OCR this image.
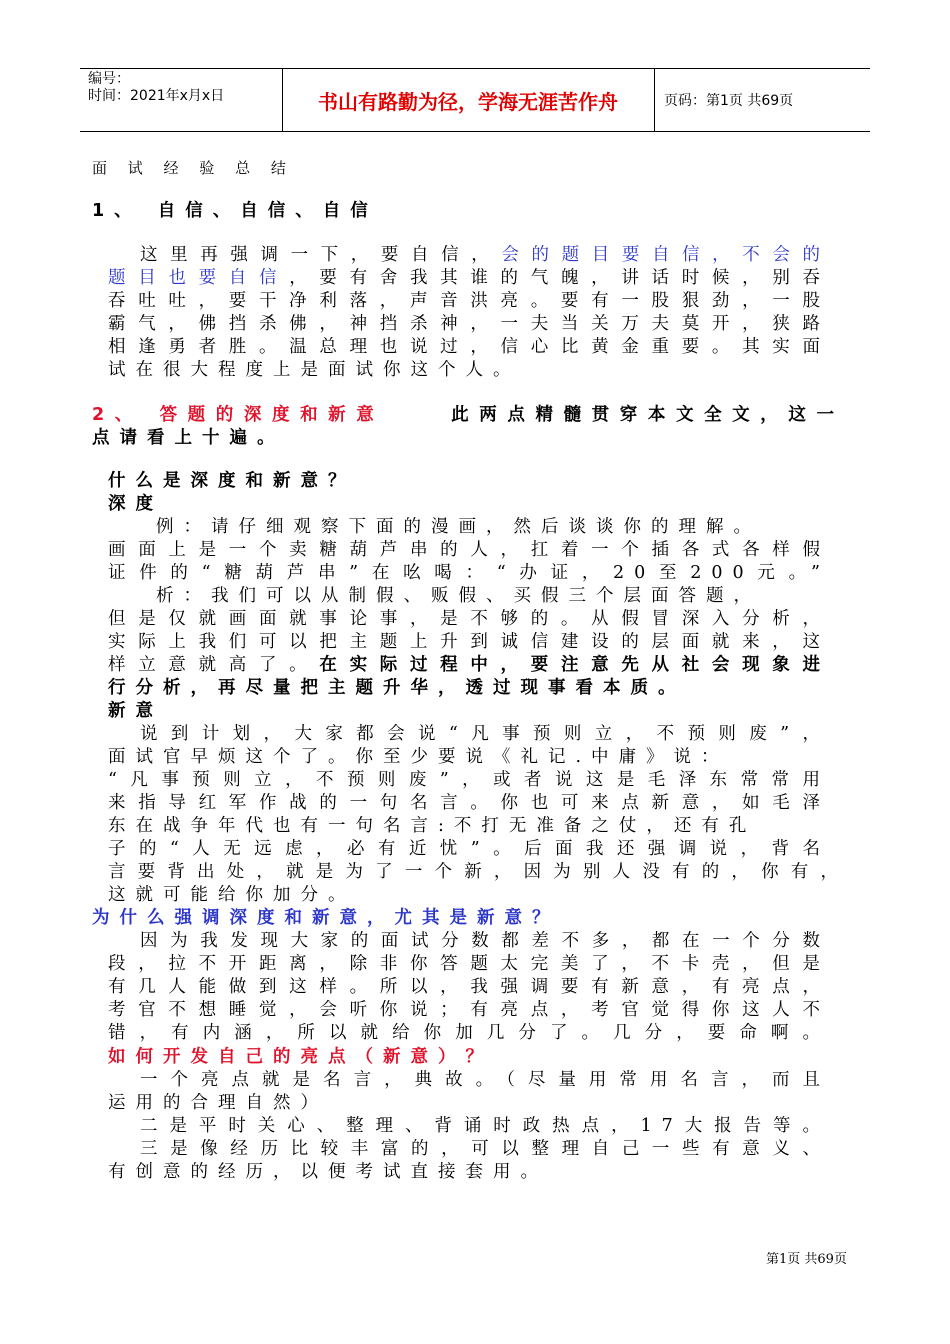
编号：
时间：2021年x月x日	书山有路勤为径，学海无涯苦作舟	页码：第1页 共69页
面 试 经 验 总 结
1、 自信、自信、自信
这里再强调一下，要自信，会的题目要自信，不会的
题目也要自信，要有舍我其谁的气魄，讲话时候，别吞
吞吐吐，要干净利落，声音洪亮。要有一股狠劲，一股
霸气，佛挡杀佛，神挡杀神，一夫当关万夫莫开，狭路
相逢勇者胜。温总理也说过，信心比黄金重要。其实面
试在很大程度上是面试你这个人。
2、 答题的深度和新意	此两点精髓贯穿本文全文，这一
点请看上十遍。
什么是深度和新意？
深度
例：请仔细观察下面的漫画，然后谈谈你的理解。
画面上是一个卖糖葫芦串的人，扛着一个插各式各样假
证件的“糖葫芦串”在吆喝：“办证，20至200元。”
析：我们可以从制假、贩假、买假三个层面答题，
但是仅就画面就事论事，是不够的。从假冒深入分析，
实际上我们可以把主题上升到诚信建设的层面就来，这
样立意就高了。在实际过程中，要注意先从社会现象进
行分析，再尽量把主题升华，透过现事看本质。
新意
说到计划，大家都会说“凡事预则立，不预则废”，
面试官早烦这个了。你至少要说《礼记.中庸》说：
“凡事预则立，不预则废”，或者说这是毛泽东常常用
来指导红军作战的一句名言。你也可来点新意，如毛泽
东在战争年代也有一句名言:不打无准备之仗，还有孔
子的“人无远虑，必有近忧”。后面我还强调说，背名
言要背出处，就是为了一个新，因为别人没有的，你有，
这就可能给你加分。
为什么强调深度和新意，尤其是新意？
因为我发现大家的面试分数都差不多，都在一个分数
段，拉不开距离，除非你答题太完美了，不卡壳，但是
有几人能做到这样。所以，我强调要有新意，有亮点，
考官不想睡觉，会听你说；有亮点，考官觉得你这人不
错，有内涵，所以就给你加几分了。几分，要命啊。
如何开发自己的亮点（新意）？
一个亮点就是名言，典故。（尽量用常用名言，而且
运用的合理自然）
二是平时关心、整理、背诵时政热点，17大报告等。
三是像经历比较丰富的，可以整理自己一些有意义、
有创意的经历，以便考试直接套用。
第1页 共69页
